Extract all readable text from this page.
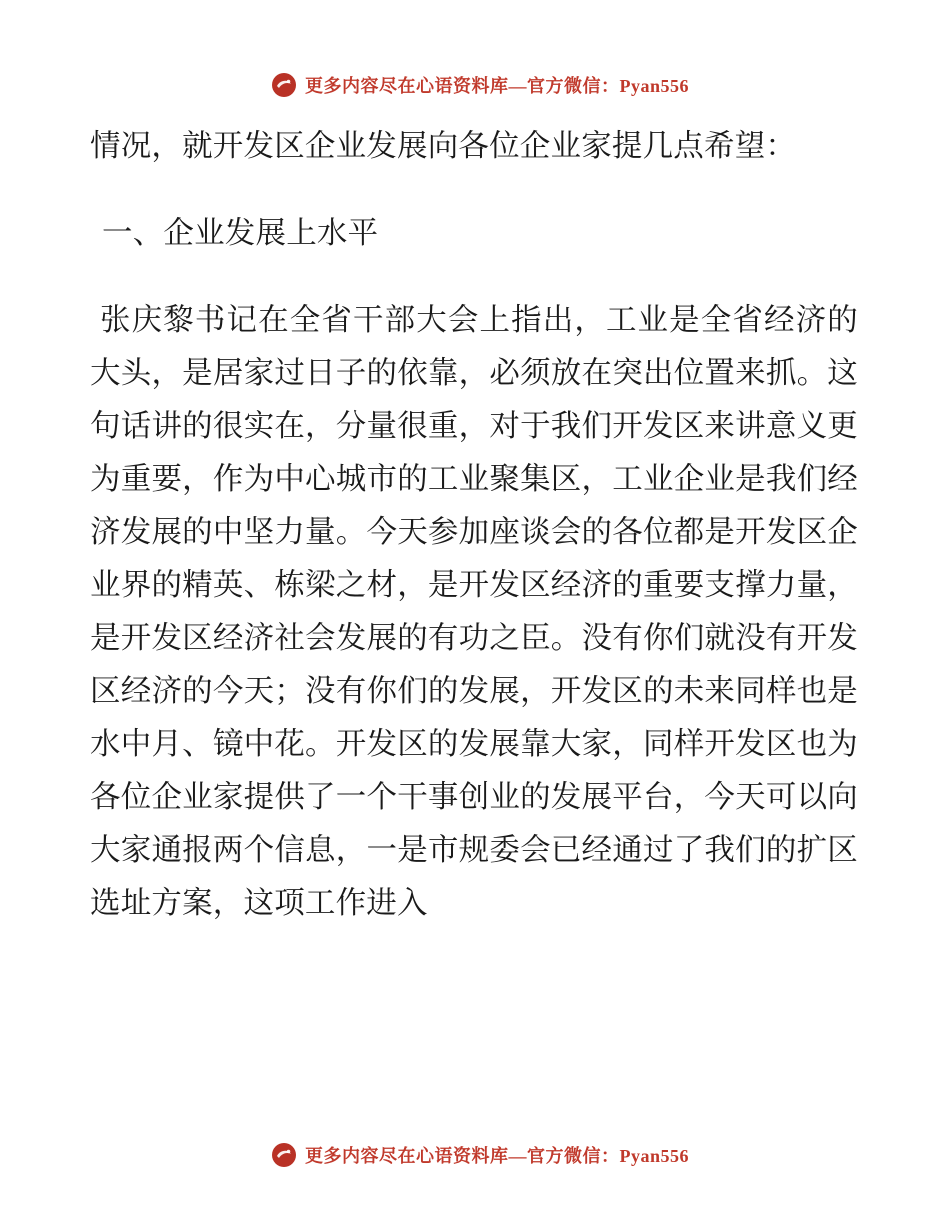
更多内容尽在心语资料库—官方微信：Pyan556

情况，就开发区企业发展向各位企业家提几点希望：

一、企业发展上水平

张庆黎书记在全省干部大会上指出，工业是全省经济的大头，是居家过日子的依靠，必须放在突出位置来抓。这句话讲的很实在，分量很重，对于我们开发区来讲意义更为重要，作为中心城市的工业聚集区，工业企业是我们经济发展的中坚力量。今天参加座谈会的各位都是开发区企业界的精英、栋梁之材，是开发区经济的重要支撑力量，是开发区经济社会发展的有功之臣。没有你们就没有开发区经济的今天；没有你们的发展，开发区的未来同样也是水中月、镜中花。开发区的发展靠大家，同样开发区也为各位企业家提供了一个干事创业的发展平台，今天可以向大家通报两个信息，一是市规委会已经通过了我们的扩区选址方案，这项工作进入

更多内容尽在心语资料库—官方微信：Pyan556
